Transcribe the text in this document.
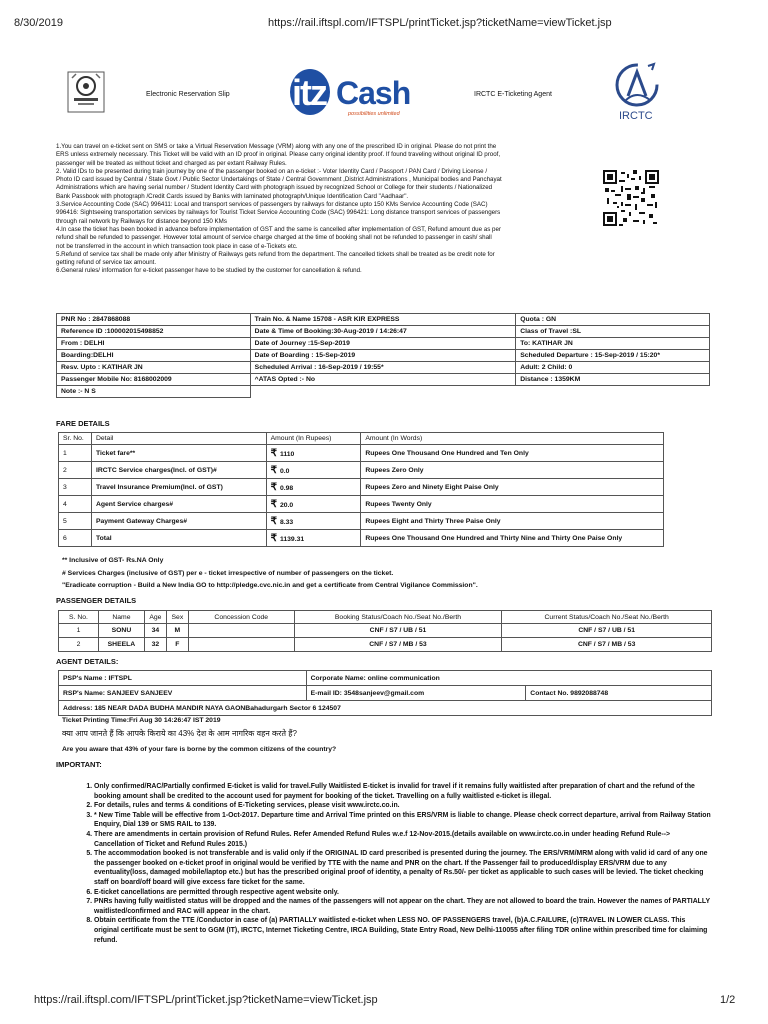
8/30/2019	https://rail.iftspl.com/IFTSPL/printTicket.jsp?ticketName=viewTicket.jsp
Electronic Reservation Slip itz Cash
possibilities unlimited
IRCTC E-Ticketing Agent
IRCTC
1.You can travel on e-ticket sent on SMS or take a Virtual Reservation Message (VRM) along with any one of the prescribed ID in original. Please do not print the
ERS unless extremely necessary. This Ticket will be valid with an ID proof in original. Please carry original identity proof. If found traveling without original ID proof,
passenger will be treated as without ticket and charged as per extant Railway Rules.
2. Valid IDs to be presented during train journey by one of the passenger booked on an e-ticket :- Voter Identity Card / Passport / PAN Card / Driving License /
Photo ID card issued by Central / State Govt / Public Sector Undertakings of State / Central Government ,District Administrations , Municipal bodies and Panchayat
Administrations which are having serial number / Student Identity Card with photograph issued by recognized School or College for their students / Nationalized
Bank Passbook with photograph /Credit Cards issued by Banks with laminated photograph/Unique Identification Card "Aadhaar".
3.Service Accounting Code (SAC) 996411: Local and transport services of passengers by railways for distance upto 150 KMs Service Accounting Code (SAC)
996416: Sightseeing transportation services by railways for Tourist Ticket Service Accounting Code (SAC) 996421: Long distance transport services of passengers
through rail network by Railways for distance beyond 150 KMs
4.In case the ticket has been booked in advance before implementation of GST and the same is cancelled after implementation of GST, Refund amount due as per
refund shall be refunded to passenger. However total amount of service charge charged at the time of booking shall not be refunded to passenger in cash/ shall
not be transferred in the account in which transaction took place in case of e-Tickets etc.
5.Refund of service tax shall be made only after Ministry of Railways gets refund from the department. The cancelled tickets shall be treated as be credit note for
getting refund of service tax amount.
6.General rules/ information for e-ticket passenger have to be studied by the customer for cancellation & refund.
PNR No : 2847868088	Train No. & Name 15708 - ASR KIR EXPRESS	Quota : GN
Reference ID :100002015498852	Date & Time of Booking:30-Aug-2019 / 14:26:47	Class of Travel :SL
From : DELHI	Date of Journey :15-Sep-2019	To: KATIHAR JN
Boarding:DELHI	Date of Boarding : 15-Sep-2019	Scheduled Departure : 15-Sep-2019 / 15:20*
Resv. Upto : KATIHAR JN	Scheduled Arrival : 16-Sep-2019 / 19:55*	Adult: 2 Child: 0
Passenger Mobile No: 8168002009	^ATAS Opted :- No	Distance : 1359KM
Note :- N S		
FARE DETAILS
Sr. No.	Detail	Amount (In Rupees)	Amount (In Words)
1	Ticket fare**	₹ 1110	Rupees One Thousand One Hundred and Ten Only
2	IRCTC Service charges(Incl. of GST)#	₹ 0.0	Rupees Zero Only
3	Travel Insurance Premium(Incl. of GST)	₹ 0.98	Rupees Zero and Ninety Eight Paise Only
4	Agent Service charges#	₹ 20.0	Rupees Twenty Only
5	Payment Gateway Charges#	₹ 8.33	Rupees Eight and Thirty Three Paise Only
6	Total	₹ 1139.31	Rupees One Thousand One Hundred and Thirty Nine and Thirty One Paise Only
** Inclusive of GST- Rs.NA Only
# Services Charges (inclusive of GST) per e - ticket irrespective of number of passengers on the ticket.
"Eradicate corruption - Build a New India GO to http://pledge.cvc.nic.in and get a certificate from Central Vigilance Commission".
PASSENGER DETAILS
S. No.	Name	Age	Sex	Concession Code	Booking Status/Coach No./Seat No./Berth	Current Status/Coach No./Seat No./Berth
1	SONU	34	M		CNF / S7 / UB / 51	CNF / S7 / UB / 51
2	SHEELA	32	F		CNF / S7 / MB / 53	CNF / S7 / MB / 53
AGENT DETAILS:
PSP's Name : IFTSPL	Corporate Name: online communication	
RSP's Name: SANJEEV SANJEEV	E-mail ID: 3548sanjeev@gmail.com	Contact No. 9892088748
Address: 185 NEAR DADA BUDHA MANDIR NAYA GAONBahadurgarh Sector 6 124507		
Ticket Printing Time:Fri Aug 30 14:26:47 IST 2019
क्या आप जानते हैं कि आपके किराये का 43% देश के आम नागरिक वहन करते हैं?
Are you aware that 43% of your fare is borne by the common citizens of the country?
IMPORTANT:
1. Only confirmed/RAC/Partially confirmed E-ticket is valid for travel.Fully Waitlisted E-ticket is invalid for travel if it remains fully waitlisted after preparation of chart and the refund of the booking amount shall be credited to the account used for payment for booking of the ticket. Travelling on a fully waitlisted e-ticket is illegal.
2. For details, rules and terms & conditions of E-Ticketing services, please visit www.irctc.co.in.
3. * New Time Table will be effective from 1-Oct-2017. Departure time and Arrival Time printed on this ERS/VRM is liable to change. Please check correct departure, arrival from Railway Station Enquiry, Dial 139 or SMS RAIL to 139.
4. There are amendments in certain provision of Refund Rules. Refer Amended Refund Rules w.e.f 12-Nov-2015.(details available on www.irctc.co.in under heading Refund Rule--> Cancellation of Ticket and Refund Rules 2015.)
5. The accommodation booked is not transferable and is valid only if the ORIGINAL ID card prescribed is presented during the journey. The ERS/VRM/MRM along with valid id card of any one the passenger booked on e-ticket proof in original would be verified by TTE with the name and PNR on the chart. If the Passenger fail to produced/display ERS/VRM due to any eventuality(loss, damaged mobile/laptop etc.) but has the prescribed original proof of identity, a penalty of Rs.50/- per ticket as applicable to such cases will be levied. The ticket checking staff on board/off board will give excess fare ticket for the same.
6. E-ticket cancellations are permitted through respective agent website only.
7. PNRs having fully waitlisted status will be dropped and the names of the passengers will not appear on the chart. They are not allowed to board the train. However the names of PARTIALLY waitlisted/confirmed and RAC will appear in the chart.
8. Obtain certificate from the TTE /Conductor in case of (a) PARTIALLY waitlisted e-ticket when LESS NO. OF PASSENGERS travel, (b)A.C.FAILURE, (c)TRAVEL IN LOWER CLASS. This original certificate must be sent to GGM (IT), IRCTC, Internet Ticketing Centre, IRCA Building, State Entry Road, New Delhi-110055 after filing TDR online within prescribed time for claiming refund.
https://rail.iftspl.com/IFTSPL/printTicket.jsp?ticketName=viewTicket.jsp	1/2
